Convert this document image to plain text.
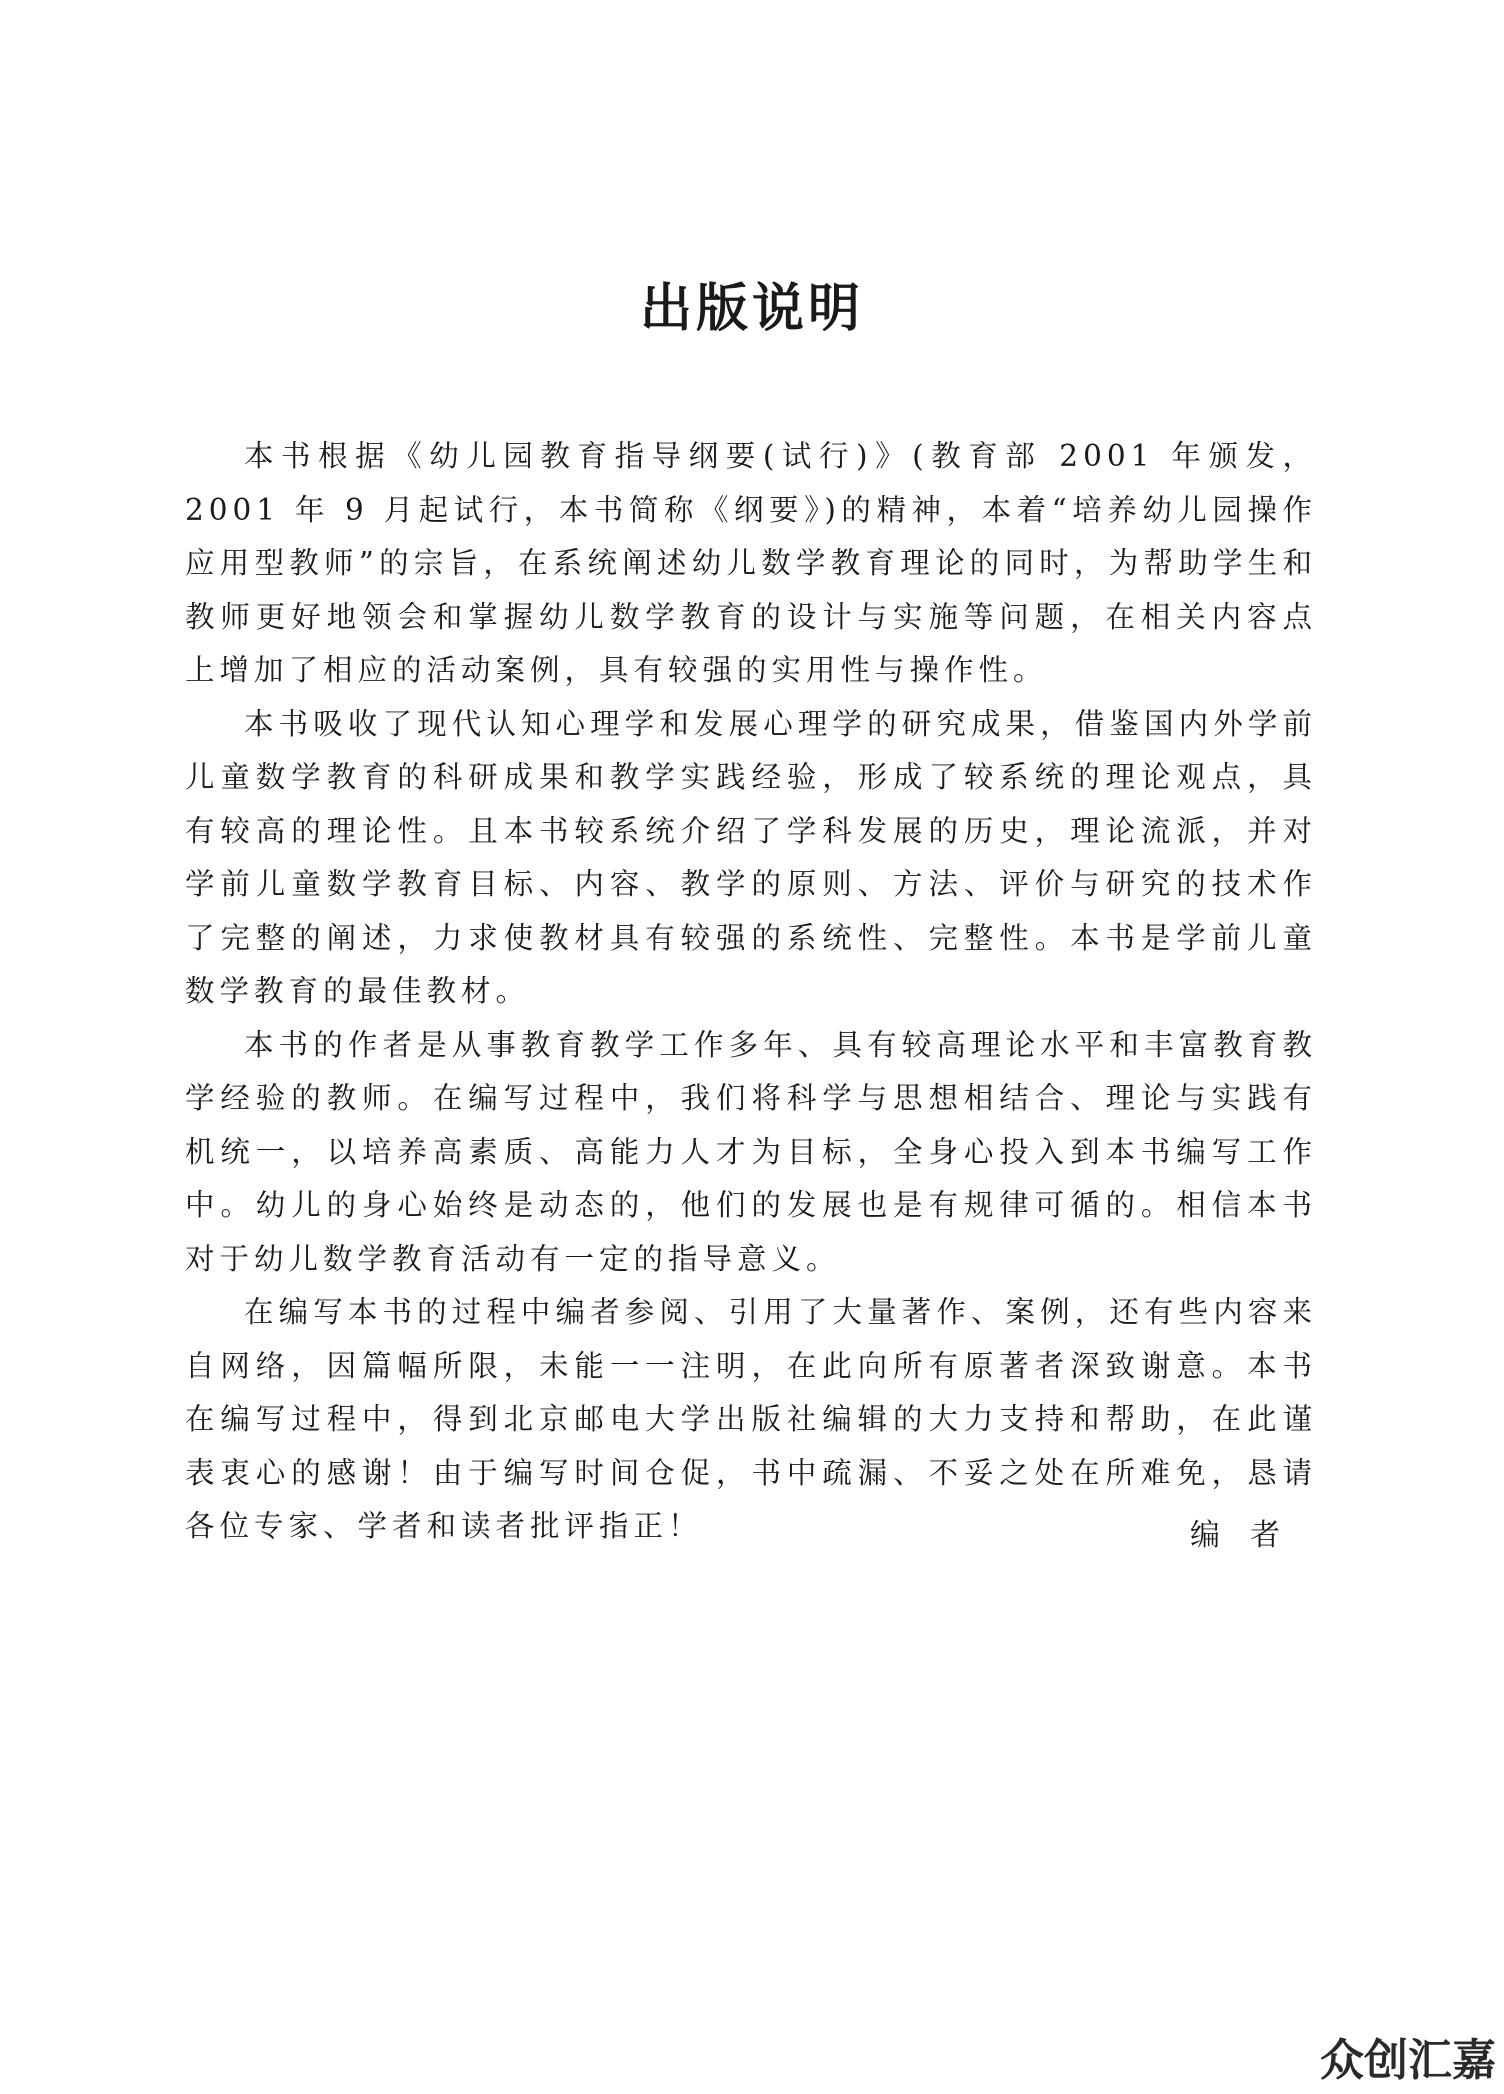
出版说明

本书根据《幼儿园教育指导纲要(试行)》(教育部 2001 年颁发，2001 年 9 月起试行，本书简称《纲要》)的精神，本着“培养幼儿园操作应用型教师”的宗旨，在系统阐述幼儿数学教育理论的同时，为帮助学生和教师更好地领会和掌握幼儿数学教育的设计与实施等问题，在相关内容点上增加了相应的活动案例，具有较强的实用性与操作性。

本书吸收了现代认知心理学和发展心理学的研究成果，借鉴国内外学前儿童数学教育的科研成果和教学实践经验，形成了较系统的理论观点，具有较高的理论性。且本书较系统介绍了学科发展的历史，理论流派，并对学前儿童数学教育目标、内容、教学的原则、方法、评价与研究的技术作了完整的阐述，力求使教材具有较强的系统性、完整性。本书是学前儿童数学教育的最佳教材。

本书的作者是从事教育教学工作多年、具有较高理论水平和丰富教育教学经验的教师。在编写过程中，我们将科学与思想相结合、理论与实践有机统一，以培养高素质、高能力人才为目标，全身心投入到本书编写工作中。幼儿的身心始终是动态的，他们的发展也是有规律可循的。相信本书对于幼儿数学教育活动有一定的指导意义。

在编写本书的过程中编者参阅、引用了大量著作、案例，还有些内容来自网络，因篇幅所限，未能一一注明，在此向所有原著者深致谢意。本书在编写过程中，得到北京邮电大学出版社编辑的大力支持和帮助，在此谨表衷心的感谢！由于编写时间仓促，书中疏漏、不妥之处在所难免，恳请各位专家、学者和读者批评指正！	编者

众创汇嘉
